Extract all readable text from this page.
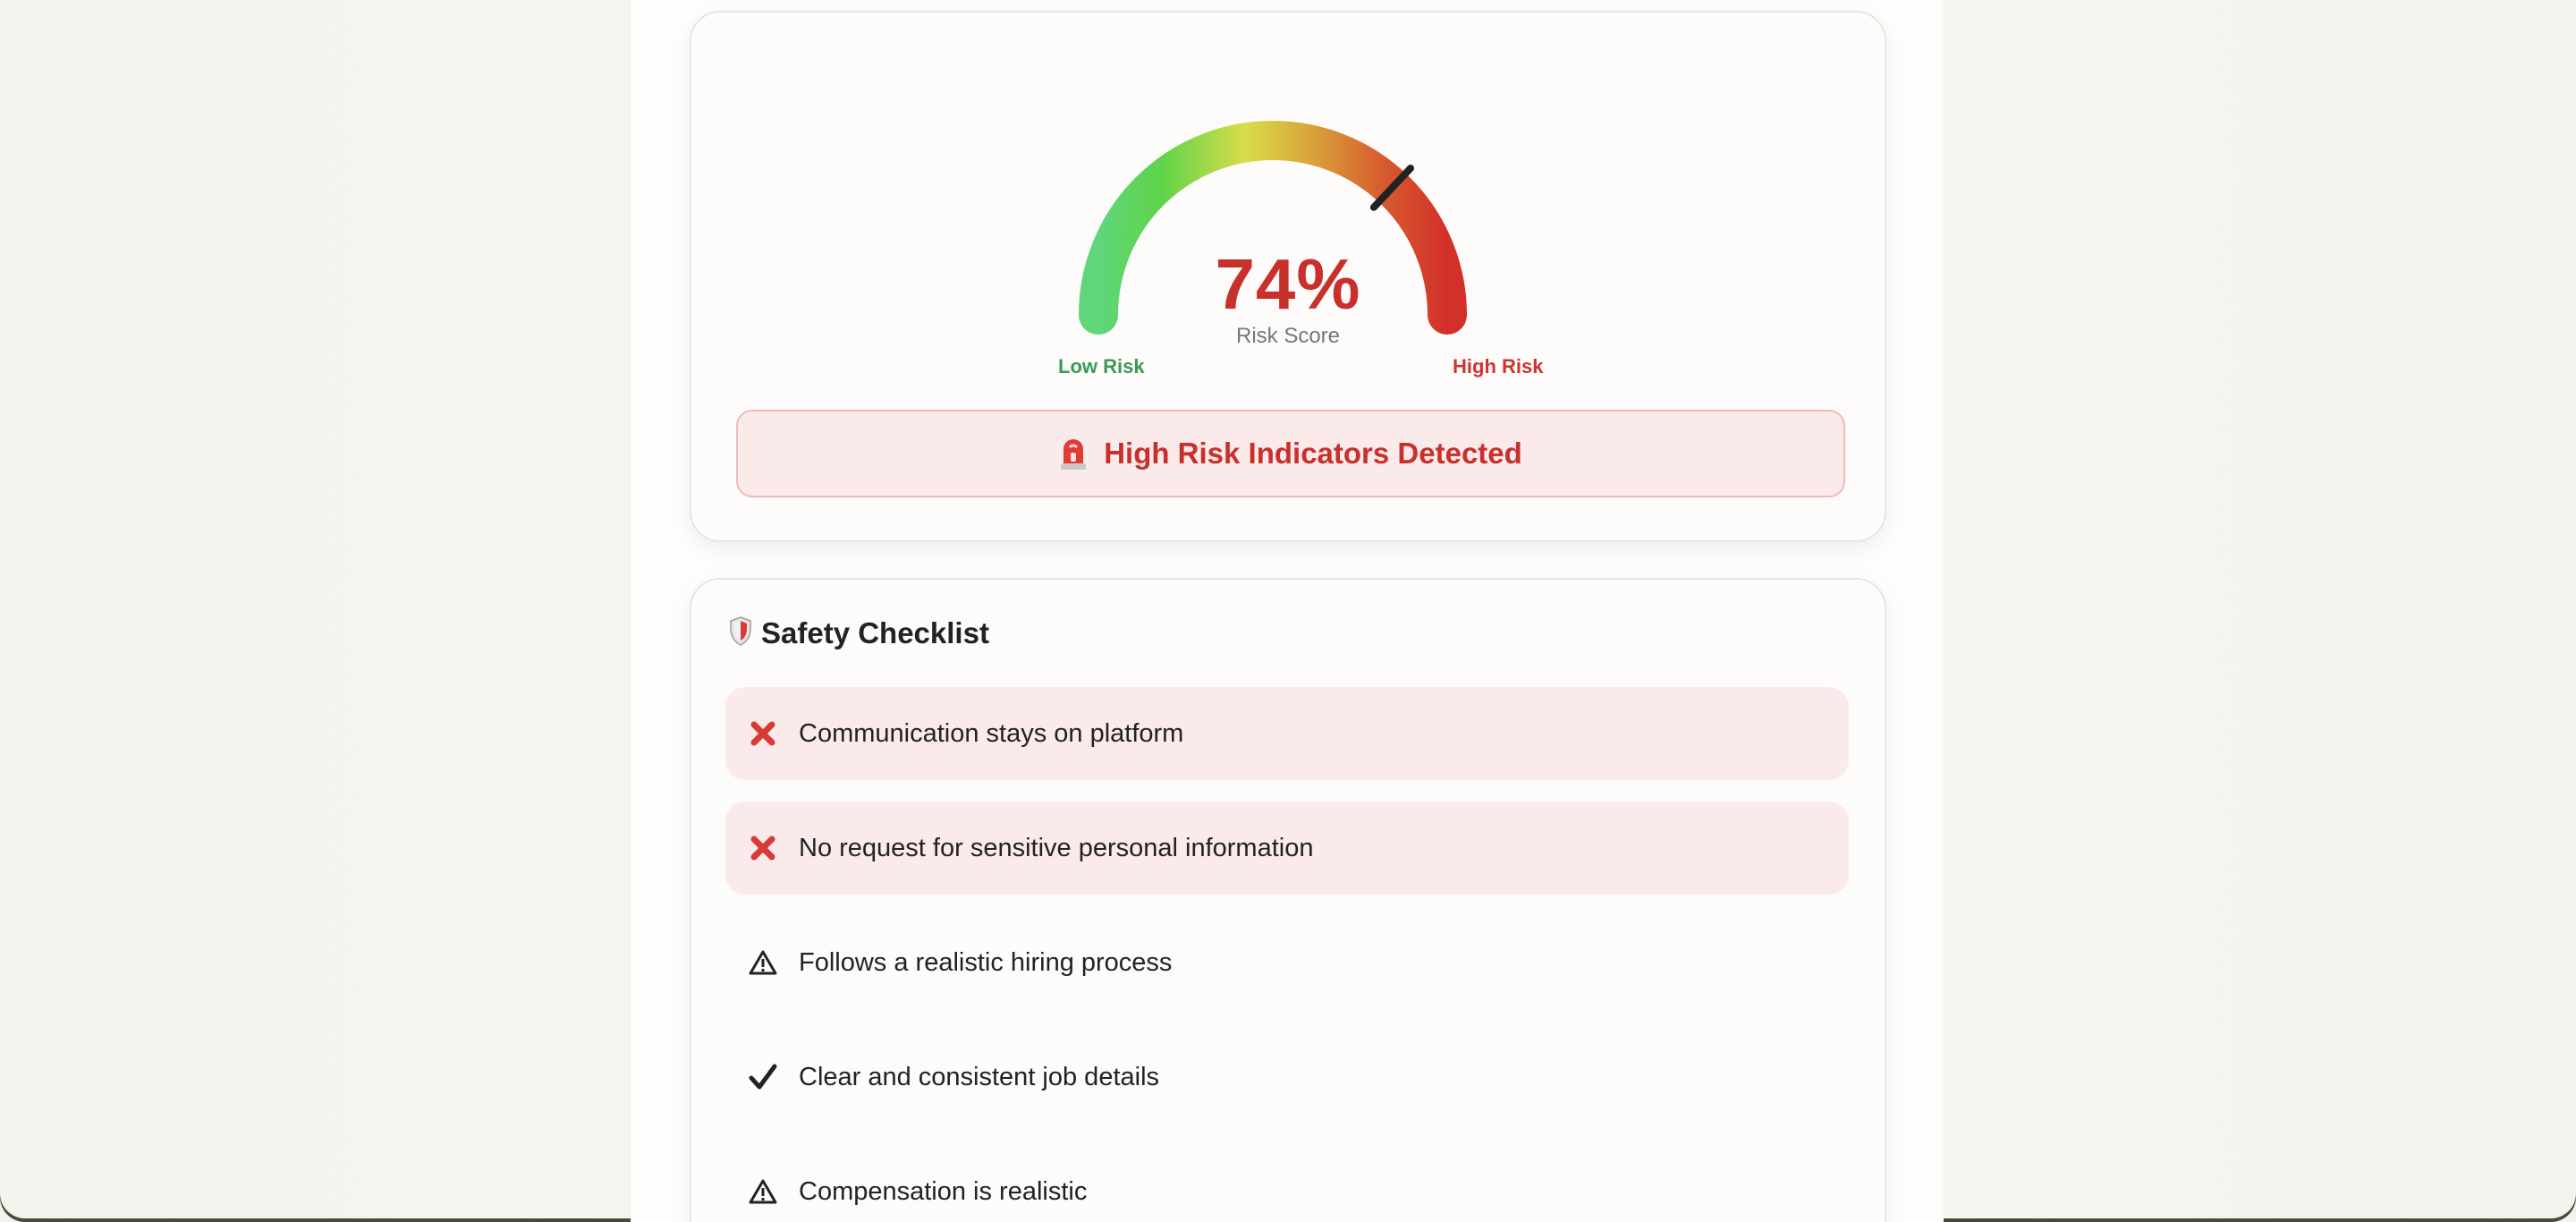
74%
Risk Score
Low Risk	High Risk
High Risk Indicators Detected
Safety Checklist
Communication stays on platform
No request for sensitive personal information
Follows a realistic hiring process
Clear and consistent job details
Compensation is realistic
